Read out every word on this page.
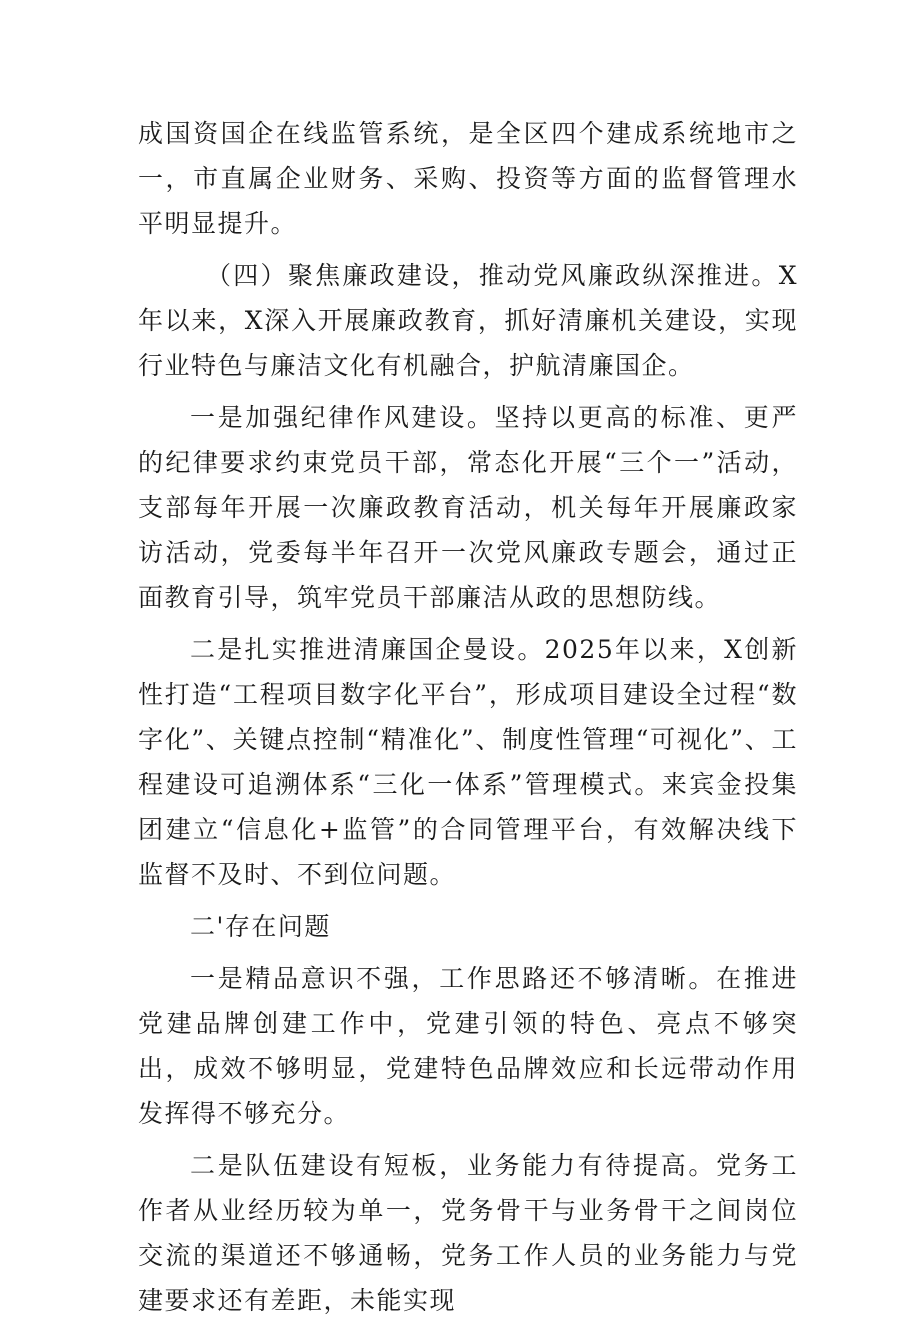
成国资国企在线监管系统，是全区四个建成系统地市之一，市直属企业财务、采购、投资等方面的监督管理水平明显提升。

（四）聚焦廉政建设，推动党风廉政纵深推进。X年以来，X深入开展廉政教育，抓好清廉机关建设，实现行业特色与廉洁文化有机融合，护航清廉国企。

一是加强纪律作风建设。坚持以更高的标准、更严的纪律要求约束党员干部，常态化开展“三个一”活动，支部每年开展一次廉政教育活动，机关每年开展廉政家访活动，党委每半年召开一次党风廉政专题会，通过正面教育引导，筑牢党员干部廉洁从政的思想防线。

二是扎实推进清廉国企曼设。2025年以来，X创新性打造“工程项目数字化平台”，形成项目建设全过程“数字化”、关键点控制“精准化”、制度性管理“可视化”、工程建设可追溯体系“三化一体系”管理模式。来宾金投集团建立“信息化+监管”的合同管理平台，有效解决线下监督不及时、不到位问题。

二'存在问题

一是精品意识不强，工作思路还不够清晰。在推进党建品牌创建工作中，党建引领的特色、亮点不够突出，成效不够明显，党建特色品牌效应和长远带动作用发挥得不够充分。

二是队伍建设有短板，业务能力有待提高。党务工作者从业经历较为单一，党务骨干与业务骨干之间岗位交流的渠道还不够通畅，党务工作人员的业务能力与党建要求还有差距，未能实现
